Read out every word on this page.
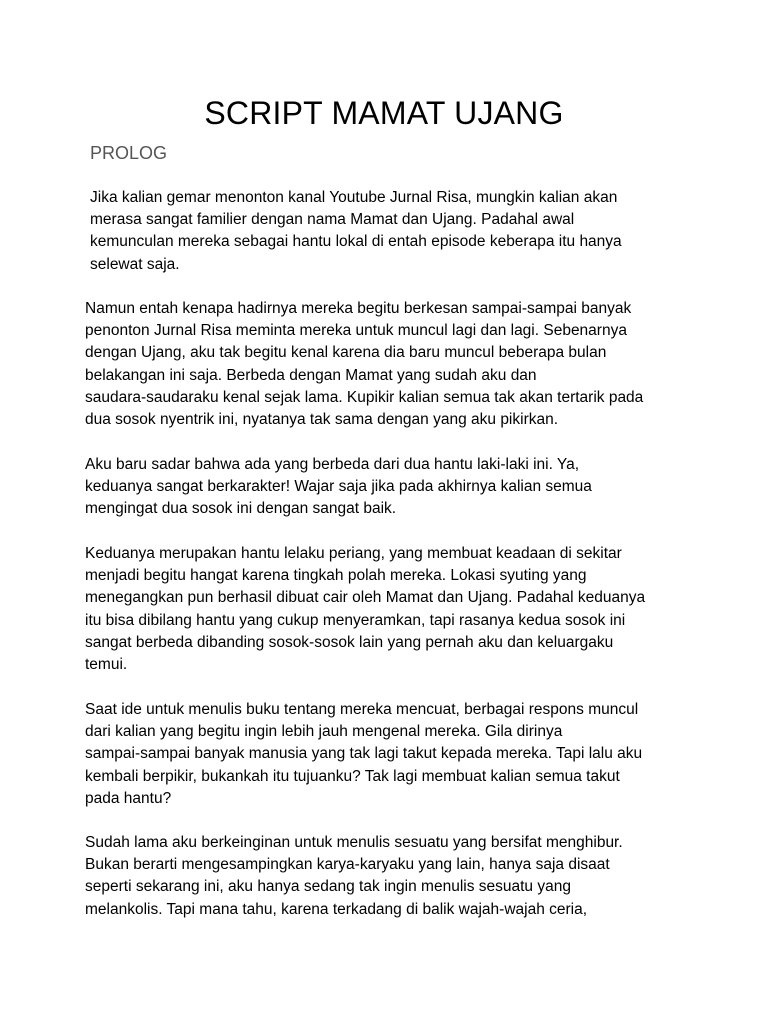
SCRIPT MAMAT UJANG
PROLOG

Jika kalian gemar menonton kanal Youtube Jurnal Risa, mungkin kalian akan
merasa sangat familier dengan nama Mamat dan Ujang. Padahal awal
kemunculan mereka sebagai hantu lokal di entah episode keberapa itu hanya
selewat saja.

Namun entah kenapa hadirnya mereka begitu berkesan sampai-sampai banyak
penonton Jurnal Risa meminta mereka untuk muncul lagi dan lagi. Sebenarnya
dengan Ujang, aku tak begitu kenal karena dia baru muncul beberapa bulan
belakangan ini saja. Berbeda dengan Mamat yang sudah aku dan
saudara-saudaraku kenal sejak lama. Kupikir kalian semua tak akan tertarik pada
dua sosok nyentrik ini, nyatanya tak sama dengan yang aku pikirkan.

Aku baru sadar bahwa ada yang berbeda dari dua hantu laki-laki ini. Ya,
keduanya sangat berkarakter! Wajar saja jika pada akhirnya kalian semua
mengingat dua sosok ini dengan sangat baik.

Keduanya merupakan hantu lelaku periang, yang membuat keadaan di sekitar
menjadi begitu hangat karena tingkah polah mereka. Lokasi syuting yang
menegangkan pun berhasil dibuat cair oleh Mamat dan Ujang. Padahal keduanya
itu bisa dibilang hantu yang cukup menyeramkan, tapi rasanya kedua sosok ini
sangat berbeda dibanding sosok-sosok lain yang pernah aku dan keluargaku
temui.

Saat ide untuk menulis buku tentang mereka mencuat, berbagai respons muncul
dari kalian yang begitu ingin lebih jauh mengenal mereka. Gila dirinya
sampai-sampai banyak manusia yang tak lagi takut kepada mereka. Tapi lalu aku
kembali berpikir, bukankah itu tujuanku? Tak lagi membuat kalian semua takut
pada hantu?

Sudah lama aku berkeinginan untuk menulis sesuatu yang bersifat menghibur.
Bukan berarti mengesampingkan karya-karyaku yang lain, hanya saja disaat
seperti sekarang ini, aku hanya sedang tak ingin menulis sesuatu yang
melankolis. Tapi mana tahu, karena terkadang di balik wajah-wajah ceria,
